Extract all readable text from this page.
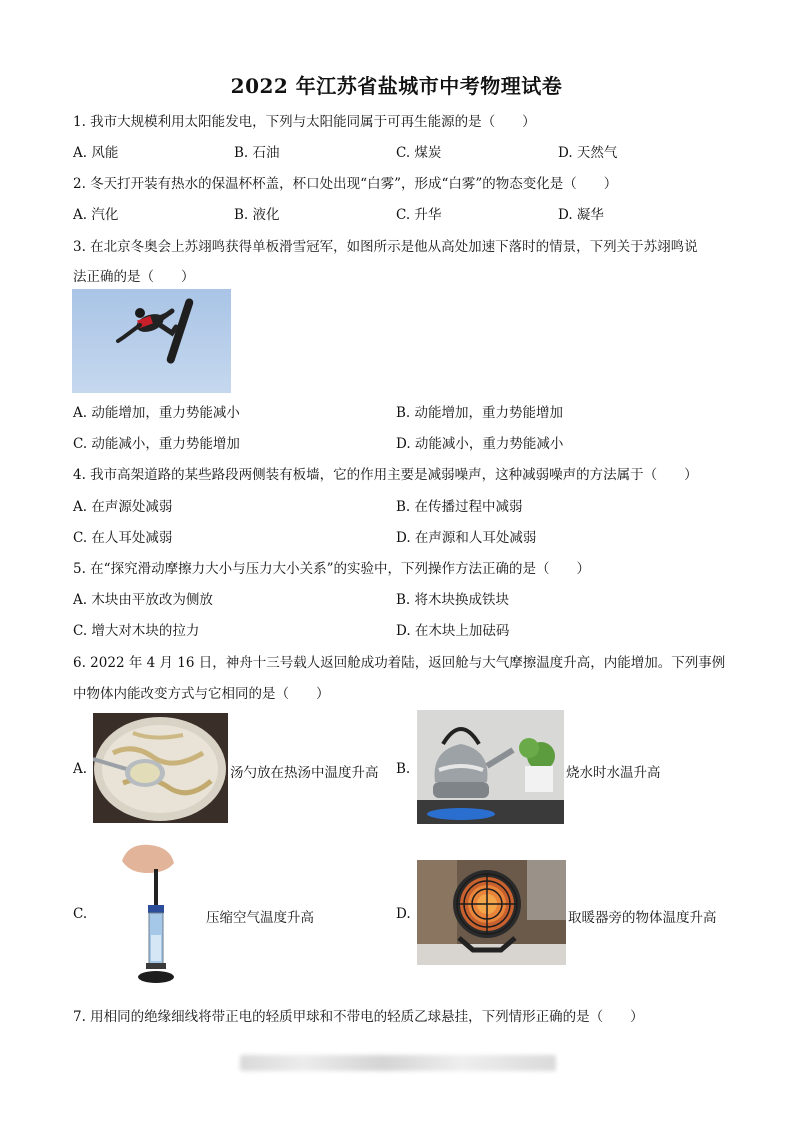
2022 年江苏省盐城市中考物理试卷
1. 我市大规模利用太阳能发电，下列与太阳能同属于可再生能源的是（　　）
A. 风能	B. 石油	C. 煤炭	D. 天然气
2. 冬天打开装有热水的保温杯杯盖，杯口处出现“白雾”，形成“白雾”的物态变化是（　　）
A. 汽化	B. 液化	C. 升华	D. 凝华
3. 在北京冬奥会上苏翊鸣获得单板滑雪冠军，如图所示是他从高处加速下落时的情景，下列关于苏翊鸣说
法正确的是（　　）
A. 动能增加，重力势能减小	B. 动能增加，重力势能增加
C. 动能减小，重力势能增加	D. 动能减小，重力势能减小
4. 我市高架道路的某些路段两侧装有板墙，它的作用主要是减弱噪声，这种减弱噪声的方法属于（　　）
A. 在声源处减弱	B. 在传播过程中减弱
C. 在人耳处减弱	D. 在声源和人耳处减弱
5. 在“探究滑动摩擦力大小与压力大小关系”的实验中，下列操作方法正确的是（　　）
A. 木块由平放改为侧放	B. 将木块换成铁块
C. 增大对木块的拉力	D. 在木块上加砝码
6. 2022 年 4 月 16 日，神舟十三号载人返回舱成功着陆，返回舱与大气摩擦温度升高，内能增加。下列事例
中物体内能改变方式与它相同的是（　　）
A.	汤勺放在热汤中温度升高 B.	烧水时水温升高
C.	压缩空气温度升高	D.	取暖器旁的物体温度升高
7. 用相同的绝缘细线将带正电的轻质甲球和不带电的轻质乙球悬挂，下列情形正确的是（　　）
